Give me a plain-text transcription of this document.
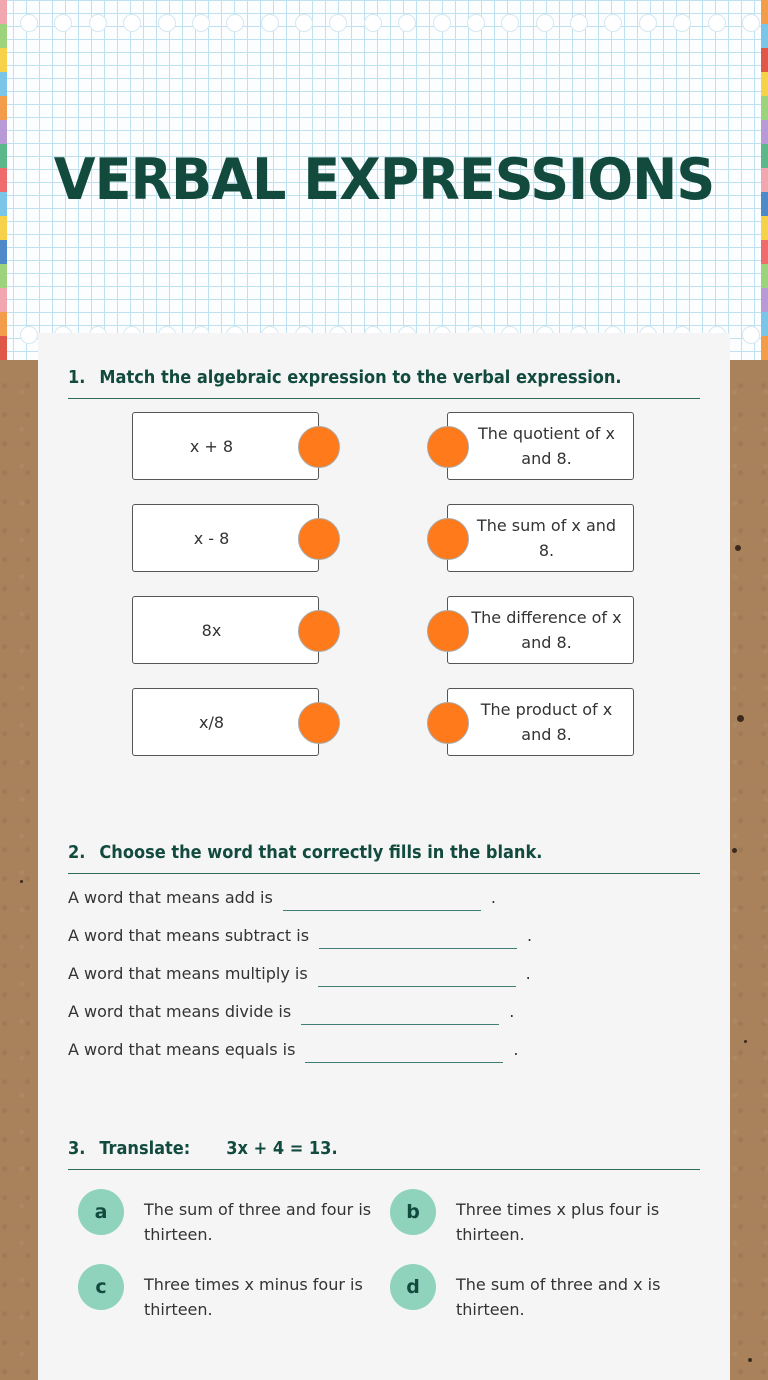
VERBAL EXPRESSIONS
1. Match the algebraic expression to the verbal expression.
x + 8
The quotient of x and 8.
x - 8
The sum of x and 8.
8x
The difference of x and 8.
x/8
The product of x and 8.
2. Choose the word that correctly fills in the blank.
A word that means add is	.
A word that means subtract is	.
A word that means multiply is	.
A word that means divide is	.
A word that means equals is	.
3. Translate: 3x + 4 = 13.
a	The sum of three and four is thirteen.
b	Three times x plus four is thirteen.
c	Three times x minus four is thirteen.
d	The sum of three and x is thirteen.
